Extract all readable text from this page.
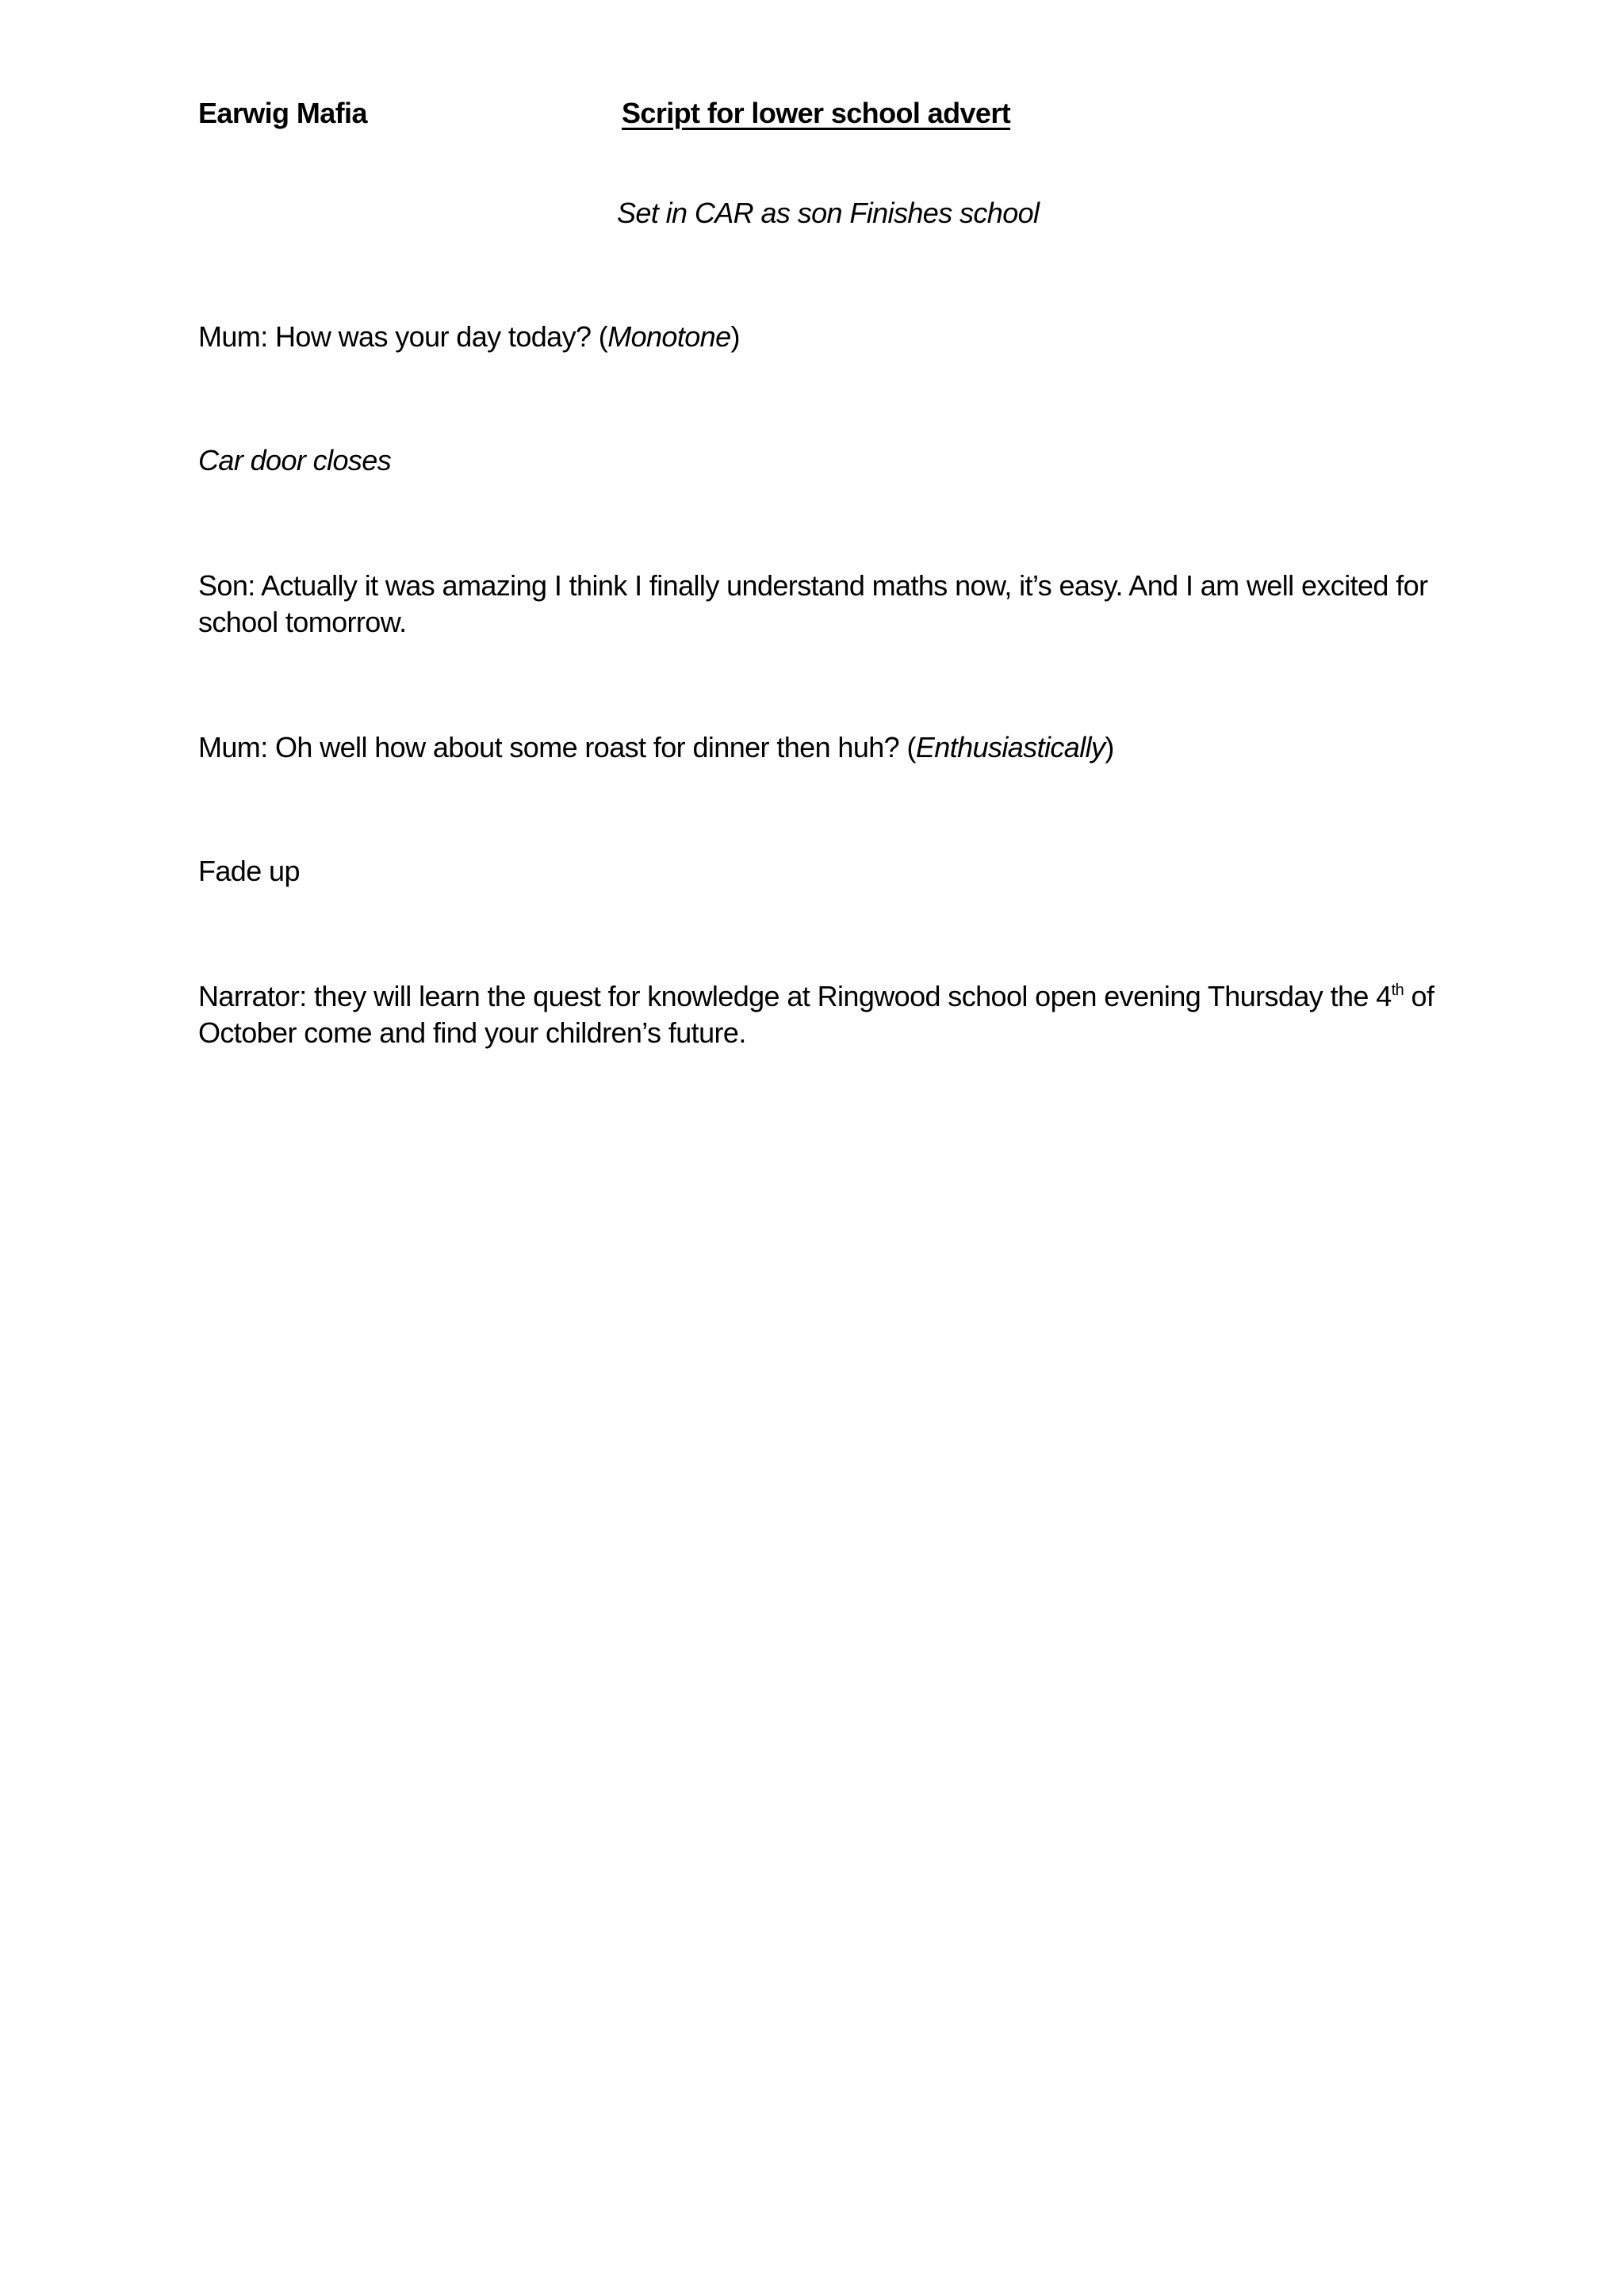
Earwig Mafia	Script for lower school advert
Set in CAR as son Finishes school
Mum: How was your day today? (Monotone)
Car door closes
Son: Actually it was amazing I think I finally understand maths now, it’s easy. And I am well excited for school tomorrow.
Mum: Oh well how about some roast for dinner then huh? (Enthusiastically)
Fade up
Narrator: they will learn the quest for knowledge at Ringwood school open evening Thursday the 4th of October come and find your children’s future.
